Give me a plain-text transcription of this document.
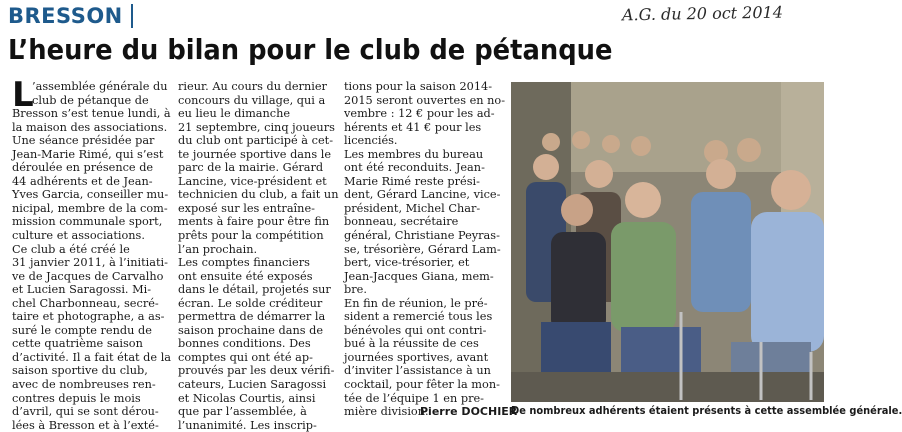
BRESSON	A.G. du 20 oct 2014
L’heure du bilan pour le club de pétanque
L
’assemblée générale du
club de pétanque de
Bresson s’est tenue lundi, à
la maison des associations.
Une séance présidée par
Jean-Marie Rimé, qui s’est
déroulée en présence de
44 adhérents et de Jean-
Yves Garcia, conseiller mu-
nicipal, membre de la com-
mission communale sport,
culture et associations.
Ce club a été créé le
31 janvier 2011, à l’initiati-
ve de Jacques de Carvalho
et Lucien Saragossi. Mi-
chel Charbonneau, secré-
taire et photographe, a as-
suré le compte rendu de
cette quatrième saison
d’activité. Il a fait état de la
saison sportive du club,
avec de nombreuses ren-
contres depuis le mois
d’avril, qui se sont dérou-
lées à Bresson et à l’exté-
rieur. Au cours du dernier
concours du village, qui a
eu lieu le dimanche
21 septembre, cinq joueurs
du club ont participé à cet-
te journée sportive dans le
parc de la mairie. Gérard
Lancine, vice-président et
technicien du club, a fait un
exposé sur les entraîne-
ments à faire pour être fin
prêts pour la compétition
l’an prochain.
Les comptes financiers
ont ensuite été exposés
dans le détail, projetés sur
écran. Le solde créditeur
permettra de démarrer la
saison prochaine dans de
bonnes conditions. Des
comptes qui ont été ap-
prouvés par les deux vérifi-
cateurs, Lucien Saragossi
et Nicolas Courtis, ainsi
que par l’assemblée, à
l’unanimité. Les inscrip-
tions pour la saison 2014-
2015 seront ouvertes en no-
vembre : 12 € pour les ad-
hérents et 41 € pour les
licenciés.
Les membres du bureau
ont été reconduits. Jean-
Marie Rimé reste prési-
dent, Gérard Lancine, vice-
président, Michel Char-
bonneau, secrétaire
général, Christiane Peyras-
se, trésorière, Gérard Lam-
bert, vice-trésorier, et
Jean-Jacques Giana, mem-
bre.
En fin de réunion, le pré-
sident a remercié tous les
bénévoles qui ont contri-
bué à la réussite de ces
journées sportives, avant
d’inviter l’assistance à un
cocktail, pour fêter la mon-
tée de l’équipe 1 en pre-
mière division.
Pierre DOCHIER
De nombreux adhérents étaient présents à cette assemblée générale.
